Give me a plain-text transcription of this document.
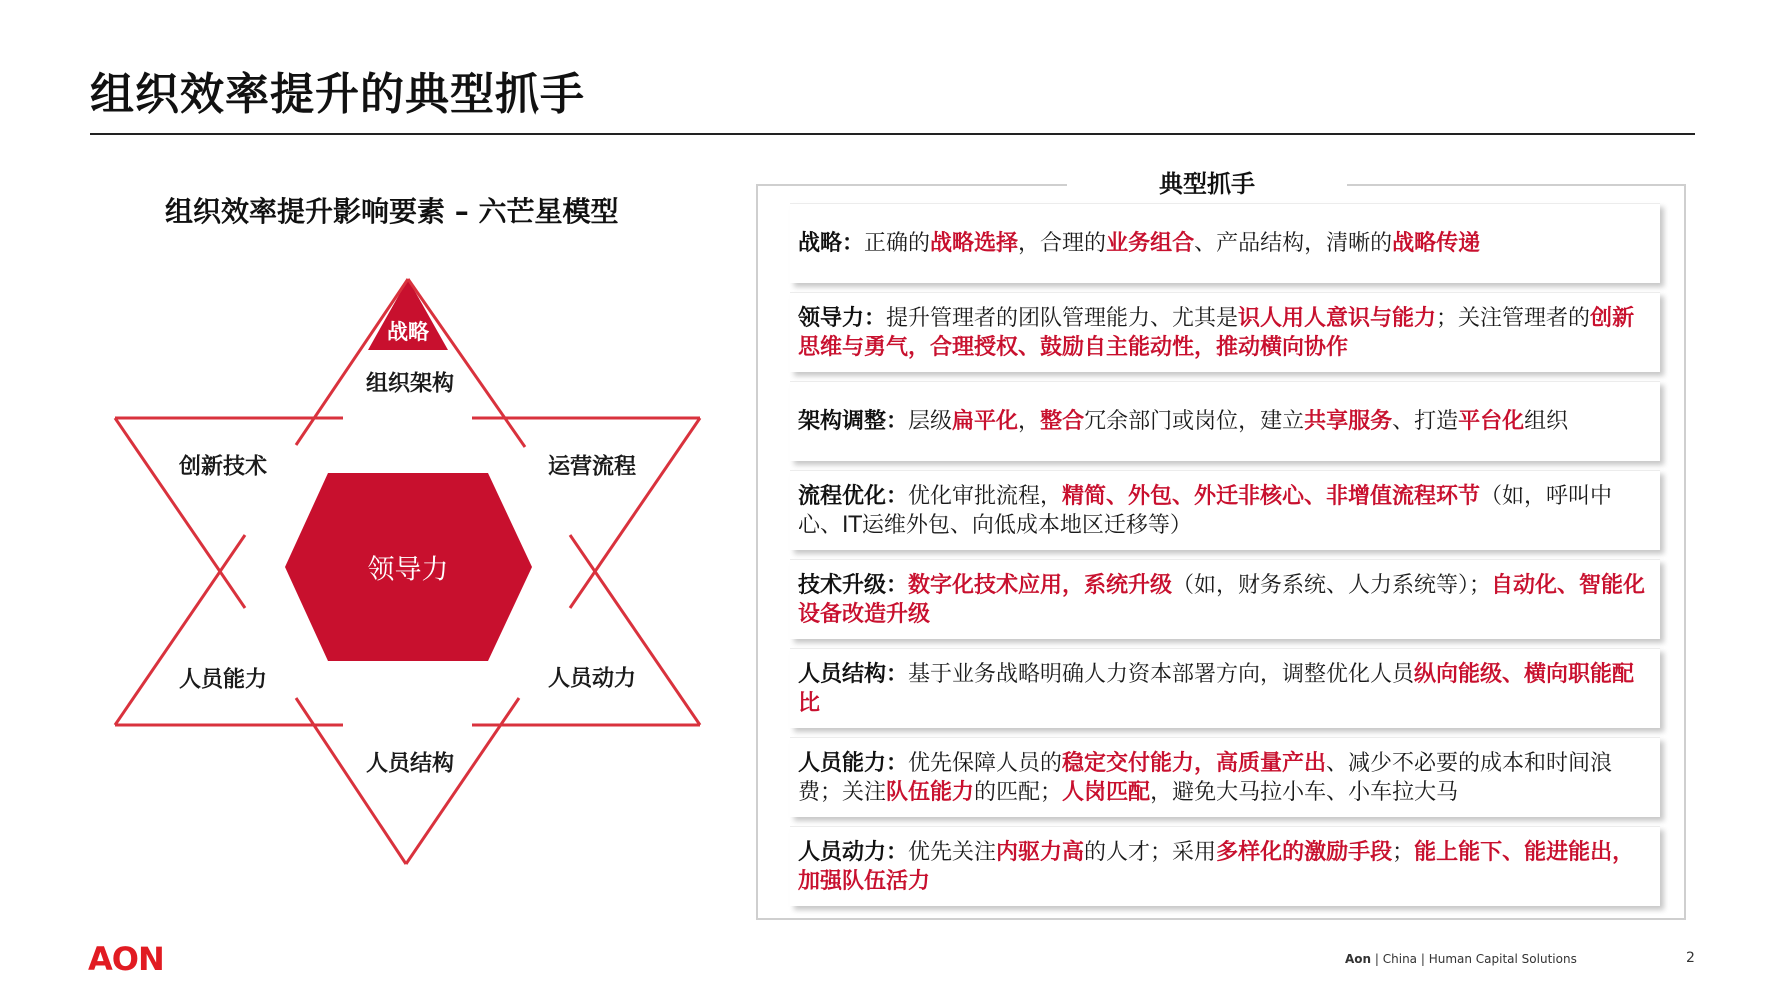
组织效率提升的典型抓手
组织效率提升影响要素 – 六芒星模型
战略
领导力
组织架构
创新技术	运营流程
人员能力	人员动力
人员结构
典型抓手
战略：正确的战略选择，合理的业务组合、产品结构，清晰的战略传递
领导力：提升管理者的团队管理能力、尤其是识人用人意识与能力；关注管理者的创新思维与勇气，合理授权、鼓励自主能动性，推动横向协作
架构调整：层级扁平化，整合冗余部门或岗位，建立共享服务、打造平台化组织
流程优化：优化审批流程，精简、外包、外迁非核心、非增值流程环节（如，呼叫中心、IT运维外包、向低成本地区迁移等）
技术升级：数字化技术应用，系统升级（如，财务系统、人力系统等）；自动化、智能化设备改造升级
人员结构：基于业务战略明确人力资本部署方向，调整优化人员纵向能级、横向职能配比
人员能力：优先保障人员的稳定交付能力，高质量产出、减少不必要的成本和时间浪费；关注队伍能力的匹配；人岗匹配，避免大马拉小车、小车拉大马
人员动力：优先关注内驱力高的人才；采用多样化的激励手段；能上能下、能进能出，加强队伍活力
AON	Aon | China | Human Capital Solutions	2
